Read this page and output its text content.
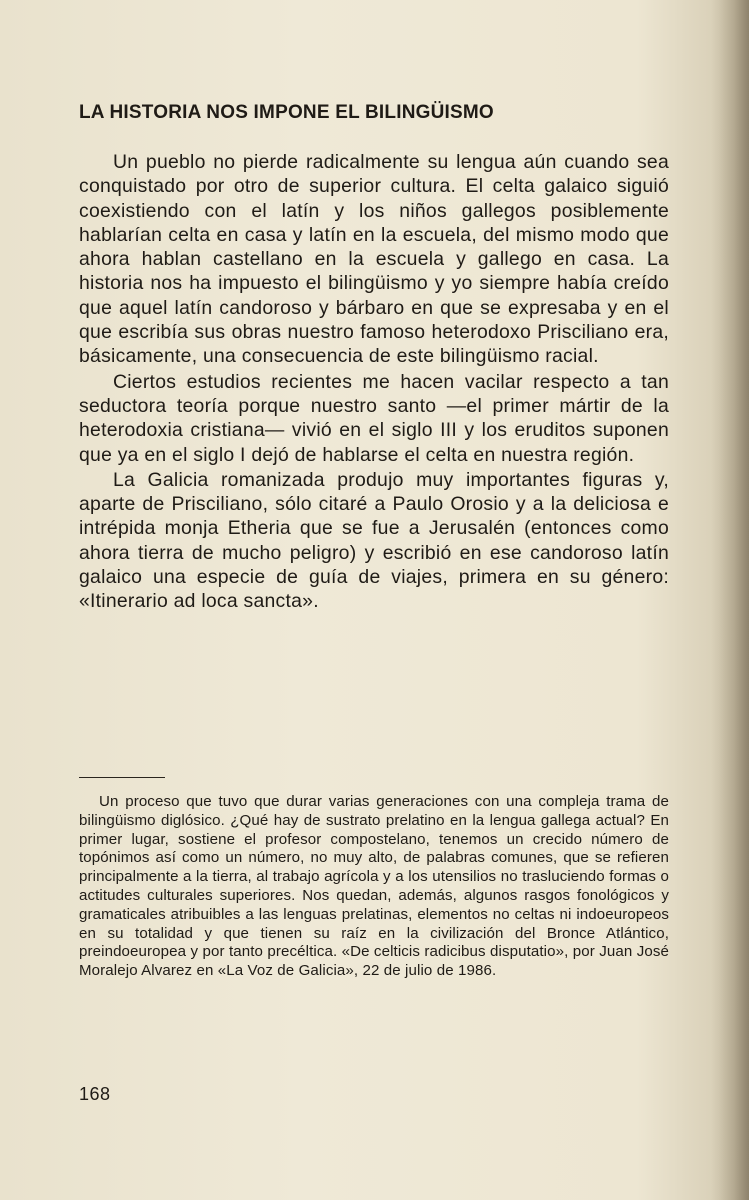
LA HISTORIA NOS IMPONE EL BILINGÜISMO

Un pueblo no pierde radicalmente su lengua aún cuando sea conquistado por otro de superior cultura. El celta galaico siguió coexistiendo con el latín y los niños gallegos posiblemente hablarían celta en casa y latín en la escuela, del mismo modo que ahora hablan castellano en la escuela y gallego en casa. La historia nos ha impuesto el bilingüismo y yo siempre había creído que aquel latín candoroso y bárbaro en que se expresaba y en el que escribía sus obras nuestro famoso heterodoxo Prisciliano era, básicamente, una consecuencia de este bilingüismo racial.

Ciertos estudios recientes me hacen vacilar respecto a tan seductora teoría porque nuestro santo —el primer mártir de la heterodoxia cristiana— vivió en el siglo III y los eruditos suponen que ya en el siglo I dejó de hablarse el celta en nuestra región.

La Galicia romanizada produjo muy importantes figuras y, aparte de Prisciliano, sólo citaré a Paulo Orosio y a la deliciosa e intrépida monja Etheria que se fue a Jerusalén (entonces como ahora tierra de mucho peligro) y escribió en ese candoroso latín galaico una especie de guía de viajes, primera en su género: «Itinerario ad loca sancta».

Un proceso que tuvo que durar varias generaciones con una compleja trama de bilingüismo diglósico. ¿Qué hay de sustrato prelatino en la lengua gallega actual? En primer lugar, sostiene el profesor compostelano, tenemos un crecido número de topónimos así como un número, no muy alto, de palabras comunes, que se refieren principalmente a la tierra, al trabajo agrícola y a los utensilios no trasluciendo formas o actitudes culturales superiores. Nos quedan, además, algunos rasgos fonológicos y gramaticales atribuibles a las lenguas prelatinas, elementos no celtas ni indoeuropeos en su totalidad y que tienen su raíz en la civilización del Bronce Atlántico, preindoeuropea y por tanto precéltica. «De celticis radicibus disputatio», por Juan José Moralejo Alvarez en «La Voz de Galicia», 22 de julio de 1986.

168
